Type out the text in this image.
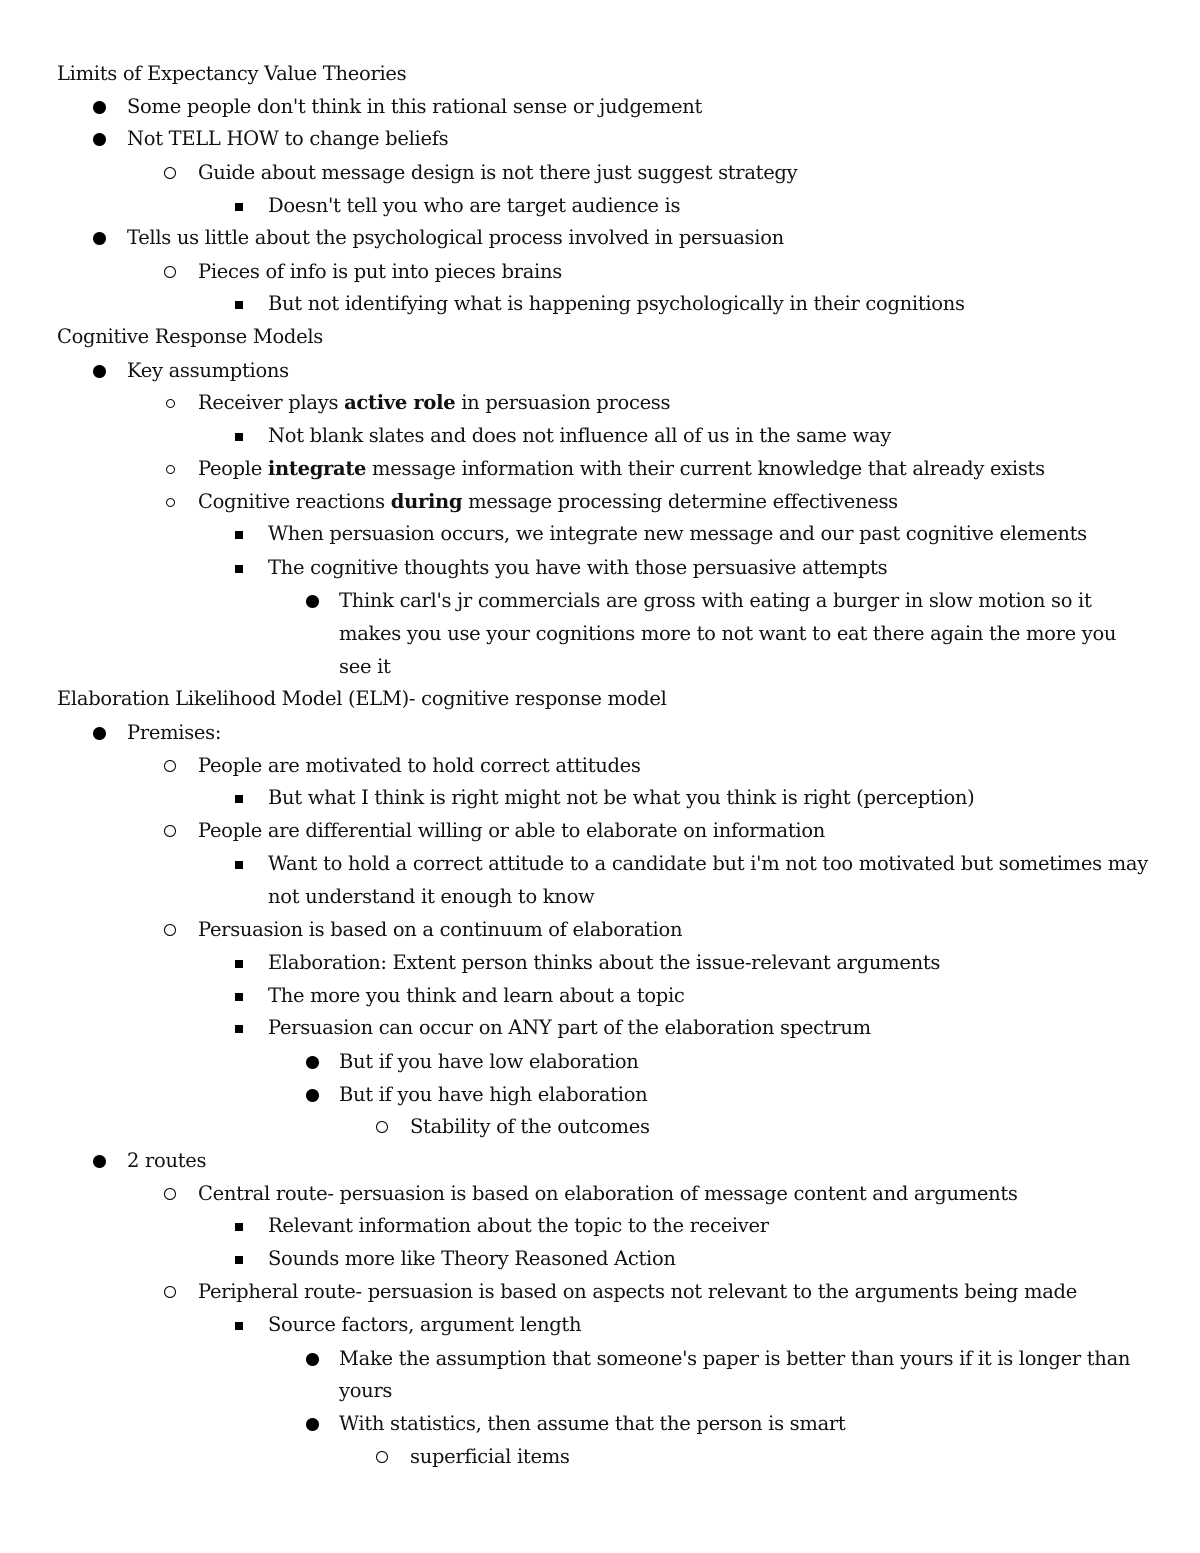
Limits of Expectancy Value Theories
Some people don't think in this rational sense or judgement
Not TELL HOW to change beliefs
Guide about message design is not there just suggest strategy
Doesn't tell you who are target audience is
Tells us little about the psychological process involved in persuasion
Pieces of info is put into pieces brains
But not identifying what is happening psychologically in their cognitions
Cognitive Response Models
Key assumptions
Receiver plays active role in persuasion process
Not blank slates and does not influence all of us in the same way
People integrate message information with their current knowledge that already exists
Cognitive reactions during message processing determine effectiveness
When persuasion occurs, we integrate new message and our past cognitive elements
The cognitive thoughts you have with those persuasive attempts
Think carl's jr commercials are gross with eating a burger in slow motion so it
makes you use your cognitions more to not want to eat there again the more you
see it
Elaboration Likelihood Model (ELM)- cognitive response model
Premises:
People are motivated to hold correct attitudes
But what I think is right might not be what you think is right (perception)
People are differential willing or able to elaborate on information
Want to hold a correct attitude to a candidate but i'm not too motivated but sometimes may
not understand it enough to know
Persuasion is based on a continuum of elaboration
Elaboration: Extent person thinks about the issue-relevant arguments
The more you think and learn about a topic
Persuasion can occur on ANY part of the elaboration spectrum
But if you have low elaboration
But if you have high elaboration
Stability of the outcomes
2 routes
Central route- persuasion is based on elaboration of message content and arguments
Relevant information about the topic to the receiver
Sounds more like Theory Reasoned Action
Peripheral route- persuasion is based on aspects not relevant to the arguments being made
Source factors, argument length
Make the assumption that someone's paper is better than yours if it is longer than
yours
With statistics, then assume that the person is smart
superficial items
